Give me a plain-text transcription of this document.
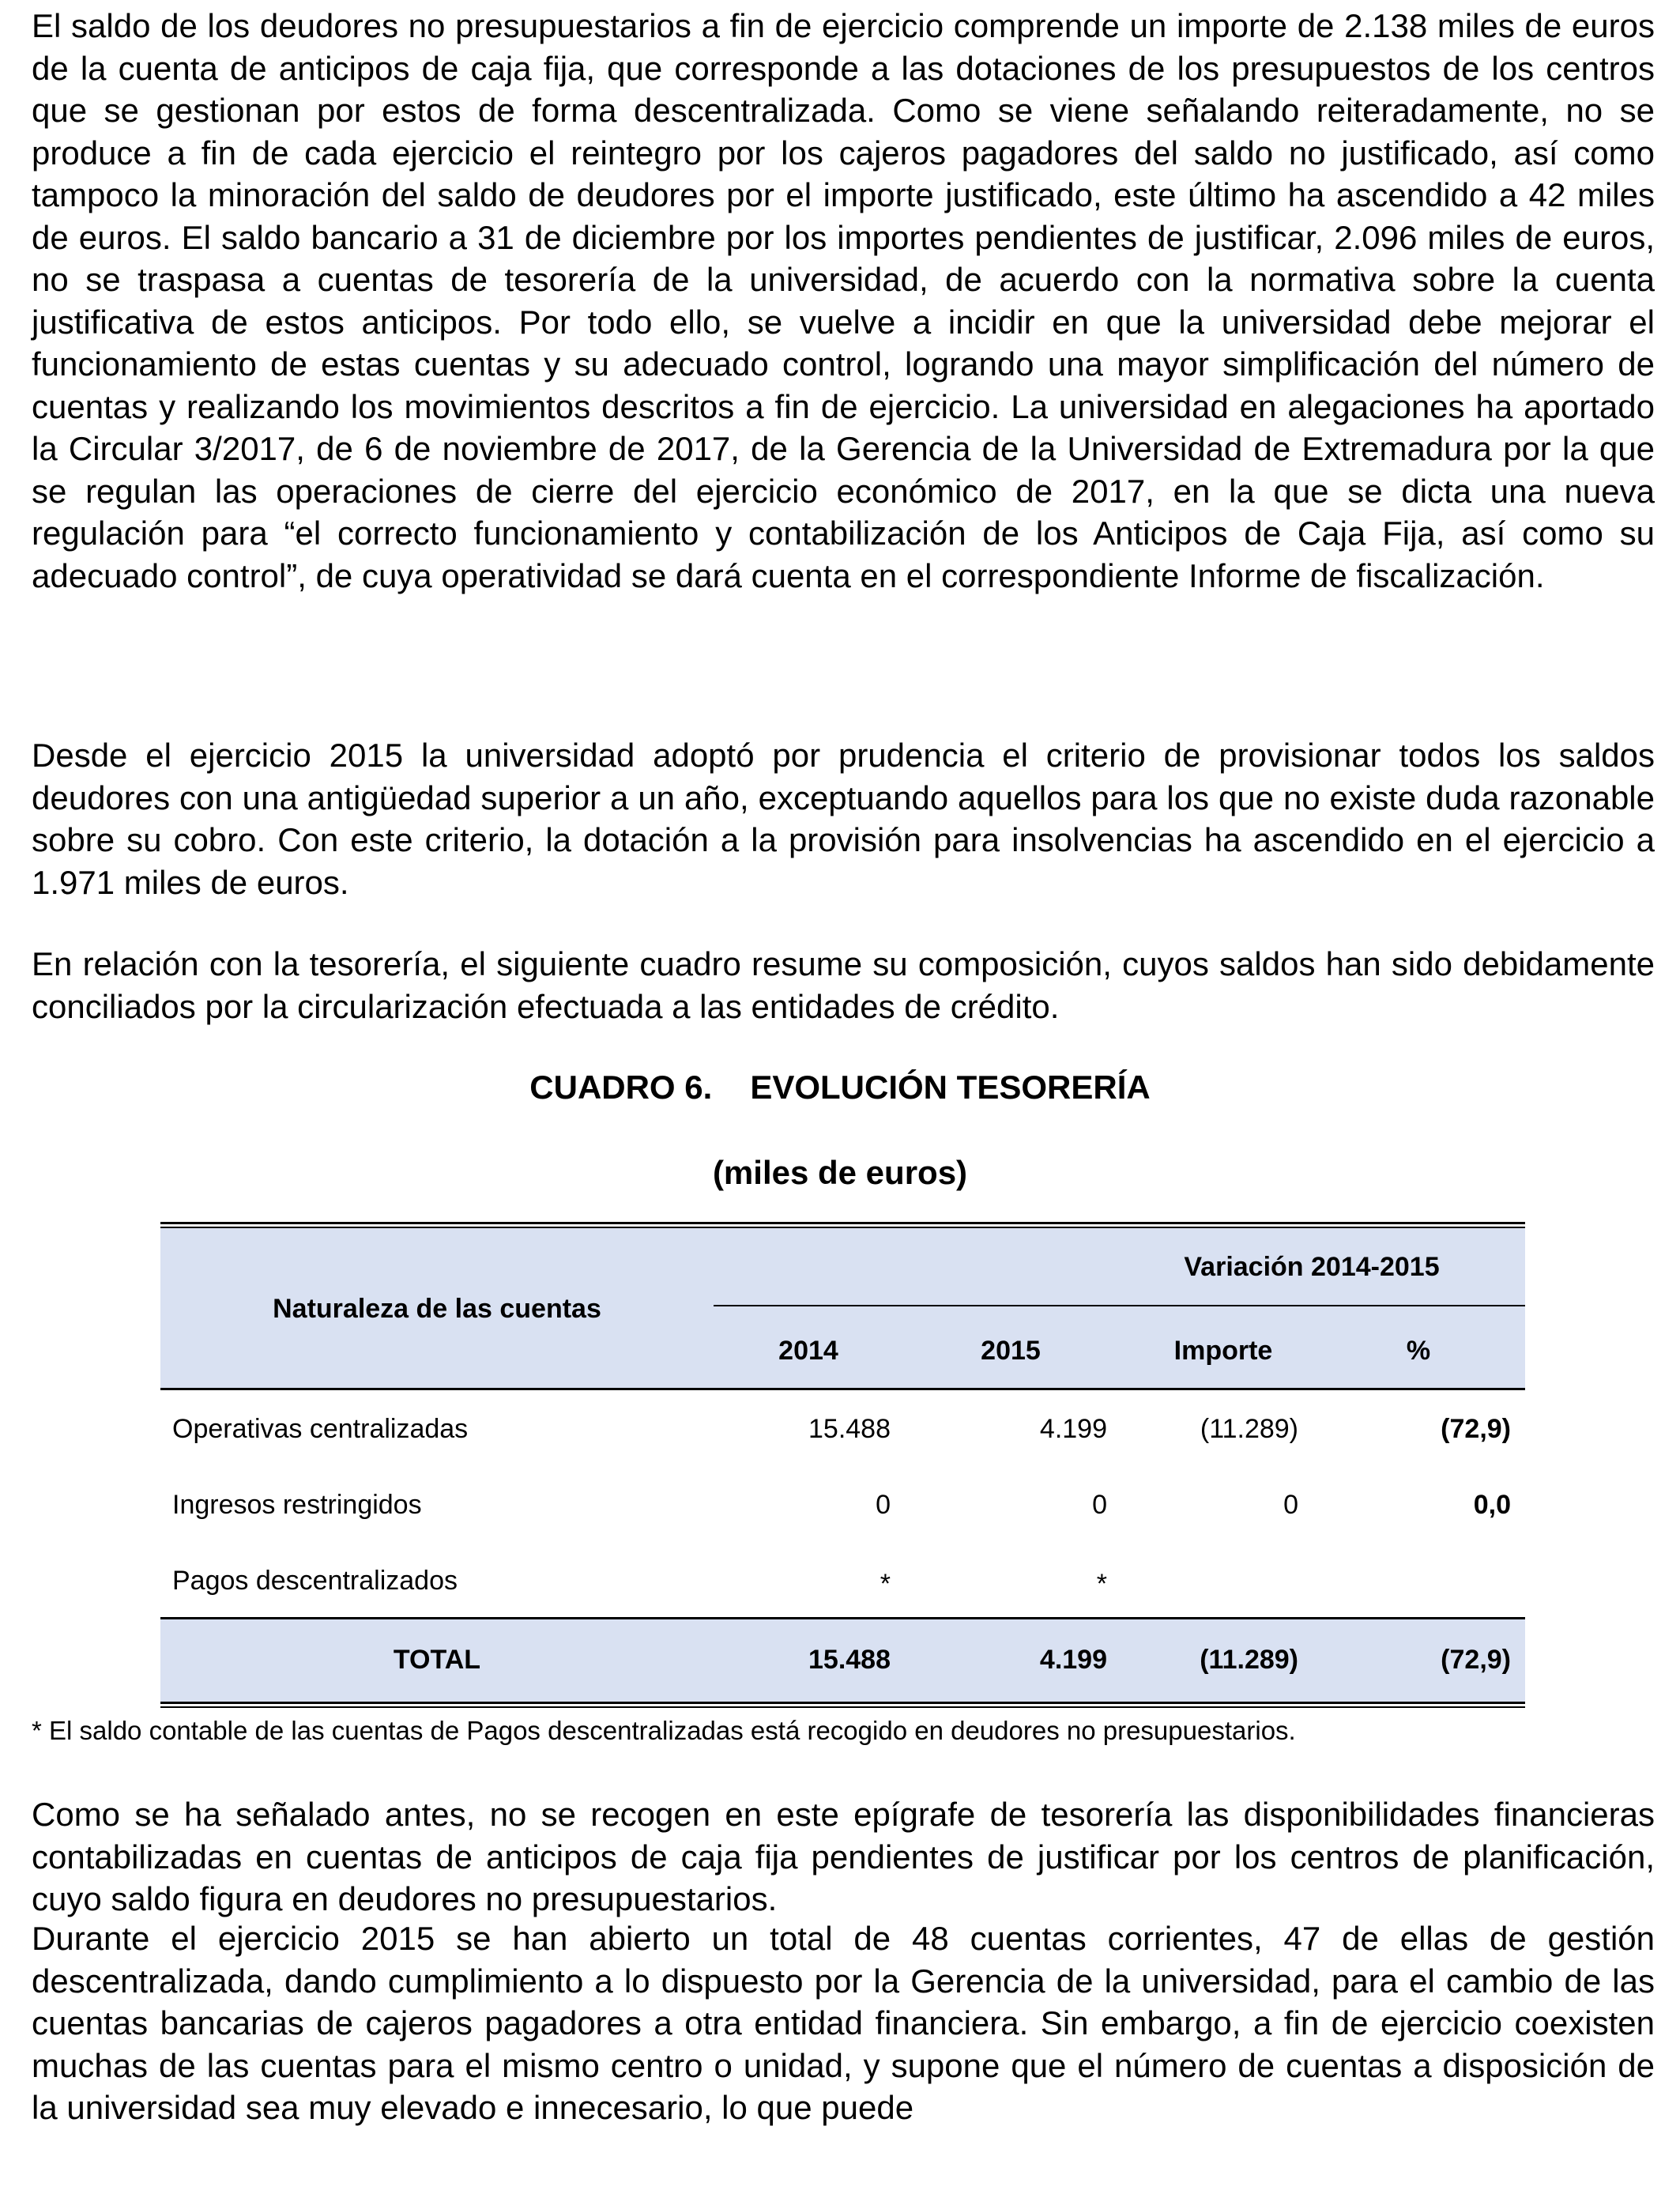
El saldo de los deudores no presupuestarios a fin de ejercicio comprende un importe de 2.138 miles de euros de la cuenta de anticipos de caja fija, que corresponde a las dotaciones de los presupuestos de los centros que se gestionan por estos de forma descentralizada. Como se viene señalando reiteradamente, no se produce a fin de cada ejercicio el reintegro por los cajeros pagadores del saldo no justificado, así como tampoco la minoración del saldo de deudores por el importe justificado, este último ha ascendido a 42 miles de euros. El saldo bancario a 31 de diciembre por los importes pendientes de justificar, 2.096 miles de euros, no se traspasa a cuentas de tesorería de la universidad, de acuerdo con la normativa sobre la cuenta justificativa de estos anticipos. Por todo ello, se vuelve a incidir en que la universidad debe mejorar el funcionamiento de estas cuentas y su adecuado control, logrando una mayor simplificación del número de cuentas y realizando los movimientos descritos a fin de ejercicio. La universidad en alegaciones ha aportado la Circular 3/2017, de 6 de noviembre de 2017, de la Gerencia de la Universidad de Extremadura por la que se regulan las operaciones de cierre del ejercicio económico de 2017, en la que se dicta una nueva regulación para “el correcto funcionamiento y contabilización de los Anticipos de Caja Fija, así como su adecuado control”, de cuya operatividad se dará cuenta en el correspondiente Informe de fiscalización.

Desde el ejercicio 2015 la universidad adoptó por prudencia el criterio de provisionar todos los saldos deudores con una antigüedad superior a un año, exceptuando aquellos para los que no existe duda razonable sobre su cobro. Con este criterio, la dotación a la provisión para insolvencias ha ascendido en el ejercicio a 1.971 miles de euros.

En relación con la tesorería, el siguiente cuadro resume su composición, cuyos saldos han sido debidamente conciliados por la circularización efectuada a las entidades de crédito.

CUADRO 6. EVOLUCIÓN TESORERÍA

(miles de euros)

Naturaleza de las cuentas
Variación 2014-2015
2014	2015	Importe	%
Operativas centralizadas	15.488	4.199	(11.289)	(72,9)
Ingresos restringidos	0	0	0	0,0
Pagos descentralizados	*	*
TOTAL	15.488	4.199	(11.289)	(72,9)

* El saldo contable de las cuentas de Pagos descentralizadas está recogido en deudores no presupuestarios.

Como se ha señalado antes, no se recogen en este epígrafe de tesorería las disponibilidades financieras contabilizadas en cuentas de anticipos de caja fija pendientes de justificar por los centros de planificación, cuyo saldo figura en deudores no presupuestarios.

Durante el ejercicio 2015 se han abierto un total de 48 cuentas corrientes, 47 de ellas de gestión descentralizada, dando cumplimiento a lo dispuesto por la Gerencia de la universidad, para el cambio de las cuentas bancarias de cajeros pagadores a otra entidad financiera. Sin embargo, a fin de ejercicio coexisten muchas de las cuentas para el mismo centro o unidad, y supone que el número de cuentas a disposición de la universidad sea muy elevado e innecesario, lo que puede
